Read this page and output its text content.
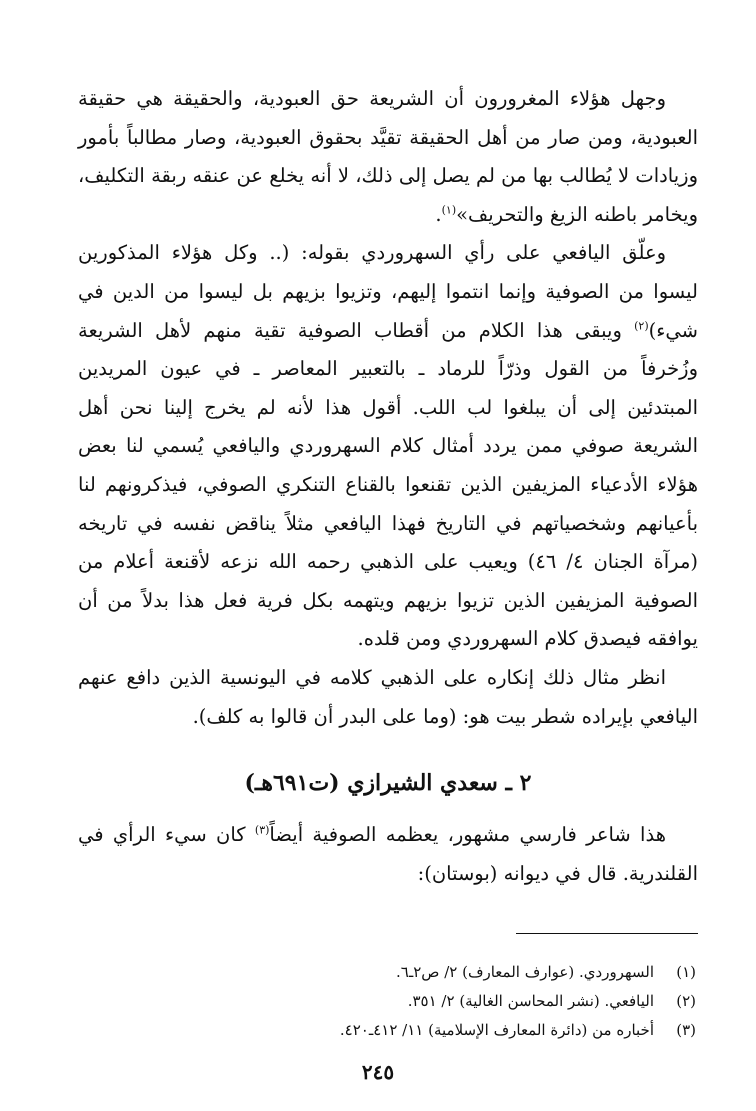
وجهل هؤلاء المغرورون أن الشريعة حق العبودية، والحقيقة هي حقيقة العبودية، ومن صار من أهل الحقيقة تقيَّد بحقوق العبودية، وصار مطالباً بأمور وزيادات لا يُطالب بها من لم يصل إلى ذلك، لا أنه يخلع عن عنقه ربقة التكليف، ويخامر باطنه الزيغ والتحريف»$^{(١)}$.

وعلّق اليافعي على رأي السهروردي بقوله: (.. وكل هؤلاء المذكورين ليسوا من الصوفية وإنما انتموا إليهم، وتزيوا بزيهم بل ليسوا من الدين في شيء)$^{(٢)}$ ويبقى هذا الكلام من أقطاب الصوفية تقية منهم لأهل الشريعة وزُخرفاً من القول وذرّاً للرماد ـ بالتعبير المعاصر ـ في عيون المريدين المبتدئين إلى أن يبلغوا لب اللب. أقول هذا لأنه لم يخرج إلينا نحن أهل الشريعة صوفي ممن يردد أمثال كلام السهروردي واليافعي يُسمي لنا بعض هؤلاء الأدعياء المزيفين الذين تقنعوا بالقناع التنكري الصوفي، فيذكرونهم لنا بأعيانهم وشخصياتهم في التاريخ فهذا اليافعي مثلاً يناقض نفسه في تاريخه (مرآة الجنان ٤/ ٤٦) ويعيب على الذهبي رحمه الله نزعه لأقنعة أعلام من الصوفية المزيفين الذين تزيوا بزيهم ويتهمه بكل فرية فعل هذا بدلاً من أن يوافقه فيصدق كلام السهروردي ومن قلده.

انظر مثال ذلك إنكاره على الذهبي كلامه في اليونسية الذين دافع عنهم اليافعي بإيراده شطر بيت هو: (وما على البدر أن قالوا به كلف).

٢ ـ سعدي الشيرازي (ت٦٩١هـ)

هذا شاعر فارسي مشهور، يعظمه الصوفية أيضاً$^{(٣)}$ كان سيء الرأي في القلندرية. قال في ديوانه (بوستان):

(١)
السهروردي. (عوارف المعارف) ٢/ ص٢ـ٦.
(٢)
اليافعي. (نشر المحاسن الغالية) ٢/ ٣٥١.
(٣)
أخباره من (دائرة المعارف الإسلامية) ١١/ ٤١٢ـ٤٢٠.
٢٤٥
